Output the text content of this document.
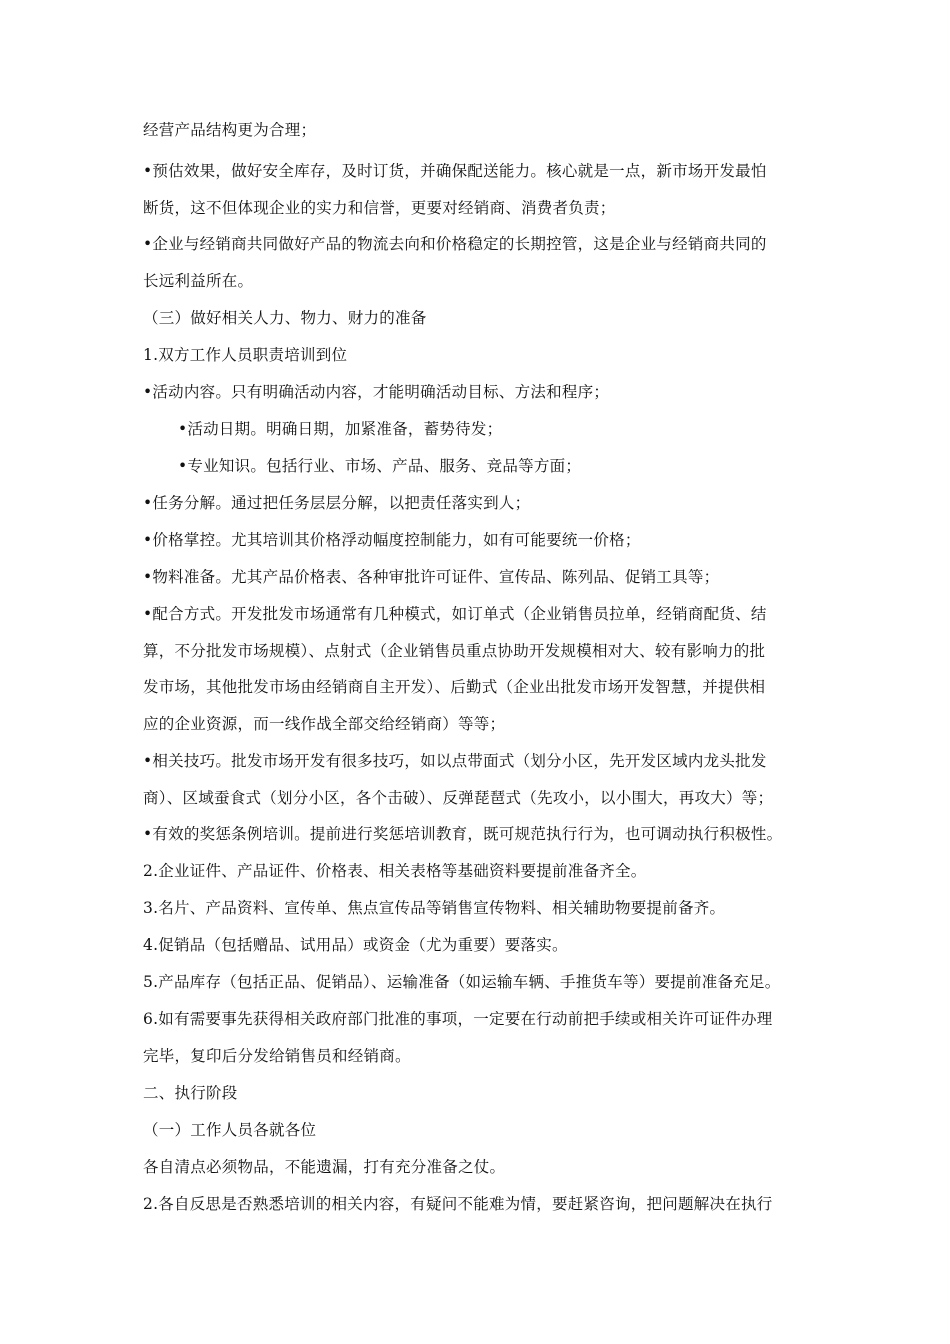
经营产品结构更为合理；
•预估效果，做好安全库存，及时订货，并确保配送能力。核心就是一点，新市场开发最怕
断货，这不但体现企业的实力和信誉，更要对经销商、消费者负责；
•企业与经销商共同做好产品的物流去向和价格稳定的长期控管，这是企业与经销商共同的
长远利益所在。
（三）做好相关人力、物力、财力的准备
1.双方工作人员职责培训到位
•活动内容。只有明确活动内容，才能明确活动目标、方法和程序；
•活动日期。明确日期，加紧准备，蓄势待发；
•专业知识。包括行业、市场、产品、服务、竞品等方面；
•任务分解。通过把任务层层分解，以把责任落实到人；
•价格掌控。尤其培训其价格浮动幅度控制能力，如有可能要统一价格；
•物料准备。尤其产品价格表、各种审批许可证件、宣传品、陈列品、促销工具等；
•配合方式。开发批发市场通常有几种模式，如订单式（企业销售员拉单，经销商配货、结
算，不分批发市场规模）、点射式（企业销售员重点协助开发规模相对大、较有影响力的批
发市场，其他批发市场由经销商自主开发）、后勤式（企业出批发市场开发智慧，并提供相
应的企业资源，而一线作战全部交给经销商）等等；
•相关技巧。批发市场开发有很多技巧，如以点带面式（划分小区，先开发区域内龙头批发
商）、区域蚕食式（划分小区，各个击破）、反弹琵琶式（先攻小，以小围大，再攻大）等；
•有效的奖惩条例培训。提前进行奖惩培训教育，既可规范执行行为，也可调动执行积极性。
2.企业证件、产品证件、价格表、相关表格等基础资料要提前准备齐全。
3.名片、产品资料、宣传单、焦点宣传品等销售宣传物料、相关辅助物要提前备齐。
4.促销品（包括赠品、试用品）或资金（尤为重要）要落实。
5.产品库存（包括正品、促销品）、运输准备（如运输车辆、手推货车等）要提前准备充足。
6.如有需要事先获得相关政府部门批准的事项，一定要在行动前把手续或相关许可证件办理
完毕，复印后分发给销售员和经销商。
二、执行阶段
（一）工作人员各就各位
各自清点必须物品，不能遗漏，打有充分准备之仗。
2.各自反思是否熟悉培训的相关内容，有疑问不能难为情，要赶紧咨询，把问题解决在执行
